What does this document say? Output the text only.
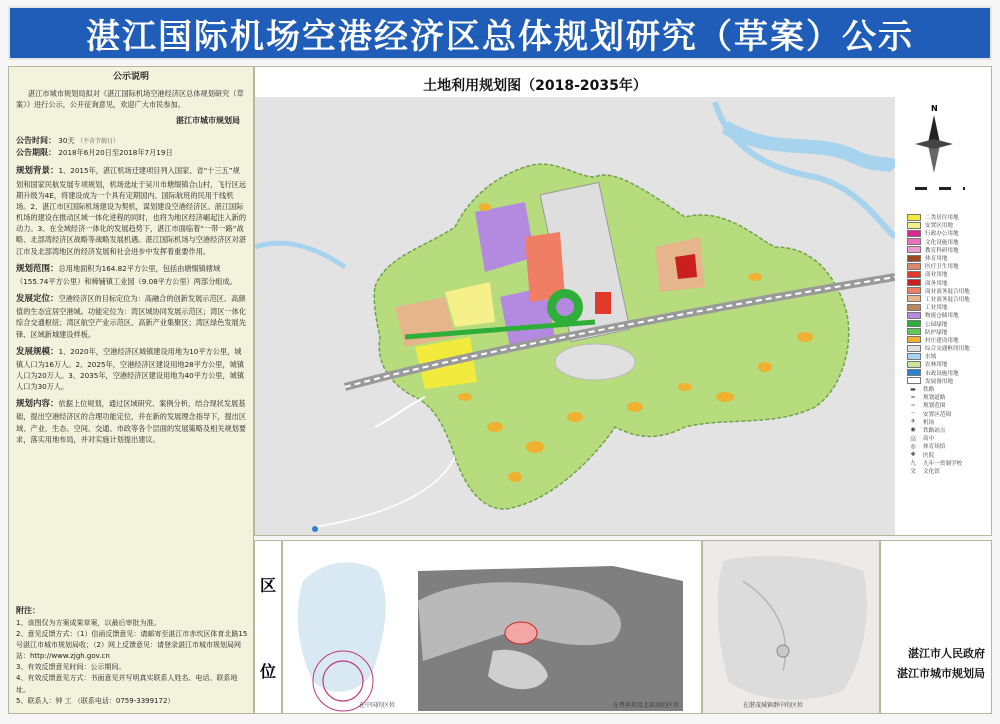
湛江国际机场空港经济区总体规划研究（草案）公示
公示说明

湛江市城市规划局拟对《湛江国际机场空港经济区总体规划研究（草案）》进行公示，公开征询意见，欢迎广大市民参加。

湛江市城市规划局
公告时间： 30天 （不含节假日）
公告期限： 2018年6月20日至2018年7月19日
规划背景：1、2015年，湛江机场迁建项目列入国家、省“十三五”规划和国家民航发展专项规划，机场选址于吴川市塘缀镇合山村，飞行区远期升级为4E，将建设成为一个具有定期国内、国际航班的民用干线机场。2、湛江市区国际机场建设为契机，谋划建设空港经济区。湛江国际机场的建设在推动区域一体化进程的同时，也将为地区经济崛起注入新的动力。3、在全域经济一体化的发展趋势下，湛江市面临着“一带一路”战略、北部湾经济区战略等战略发展机遇。湛江国际机场与空港经济区对湛江市及北部湾地区的经济发展和社会进步中发挥着重要作用。
规划范围：总用地面积为164.82平方公里，包括由塘缀镇辖域（155.74平方公里）和樟铺镇工业园（9.08平方公里）两部分组成。
发展定位：空港经济区的目标定位为：高融合的创新发展示范区、高颜值的生态宜居空港城。功能定位为：湾区城协同发展示范区；湾区一体化综合交通枢纽；湾区航空产业示范区、高新产业集聚区；湾区绿色发展先锋、区域新城建设样板。
发展规模：1、2020年，空港经济区城镇建设用地为10平方公里，城镇人口为16万人。2、2025年，空港经济区建设用地28平方公里，城镇人口为20万人。3、2035年，空港经济区建设用地为40平方公里，城镇人口为30万人。
规划内容：依据上位规划，通过区域研究、案例分析，结合现状发展基础，提出空港经济区的合理功能定位，并在新的发展理念指导下，提出区域、产业、生态、空间、交通、市政等各个层面的发展策略及相关规划要求，落实用地布局，并对实施计划提出建议。
附注：
1、该图仅为方案成果草案，以最后审批为准。
2、意见反馈方式：（1）信函反馈意见：请邮寄至湛江市赤坎区体育北路15号湛江市城市规划局收；（2）网上反馈意见：请登录湛江市城市规划局网站：http://www.zjgh.gov.cn
3、有效反馈意见时间：公示期间。
4、有效反馈意见方式：书面意见并写明真实联系人姓名、电话、联系地址。
5、联系人：钟 工 （联系电话：0759-3399172）
土地利用规划图（2018-2035年）
N
二类居住用地
安置区用地
行政办公用地
文化设施用地
教育科研用地
体育用地
医疗卫生用地
商业用地
商务用地
商业商务混合用地
工业商务混合用地
工业用地
物流仓储用地
公园绿地
防护绿地
村庄建设用地
综合交通枢纽用地
水域
农林用地
市政设施用地
发展备用地
▬	铁路
═	规划道路
┅	规划范围
┄	安置区范围
✈	机场
◉	铁路站点
高	高中
◎	体育场馆
✚	医院
九	九年一贯制学校
文	文化馆
区
位
在中国的区位	在粤桂琼及北部湾的区位	在湛茂城镇群中的区位
湛江市人民政府
湛江市城市规划局
